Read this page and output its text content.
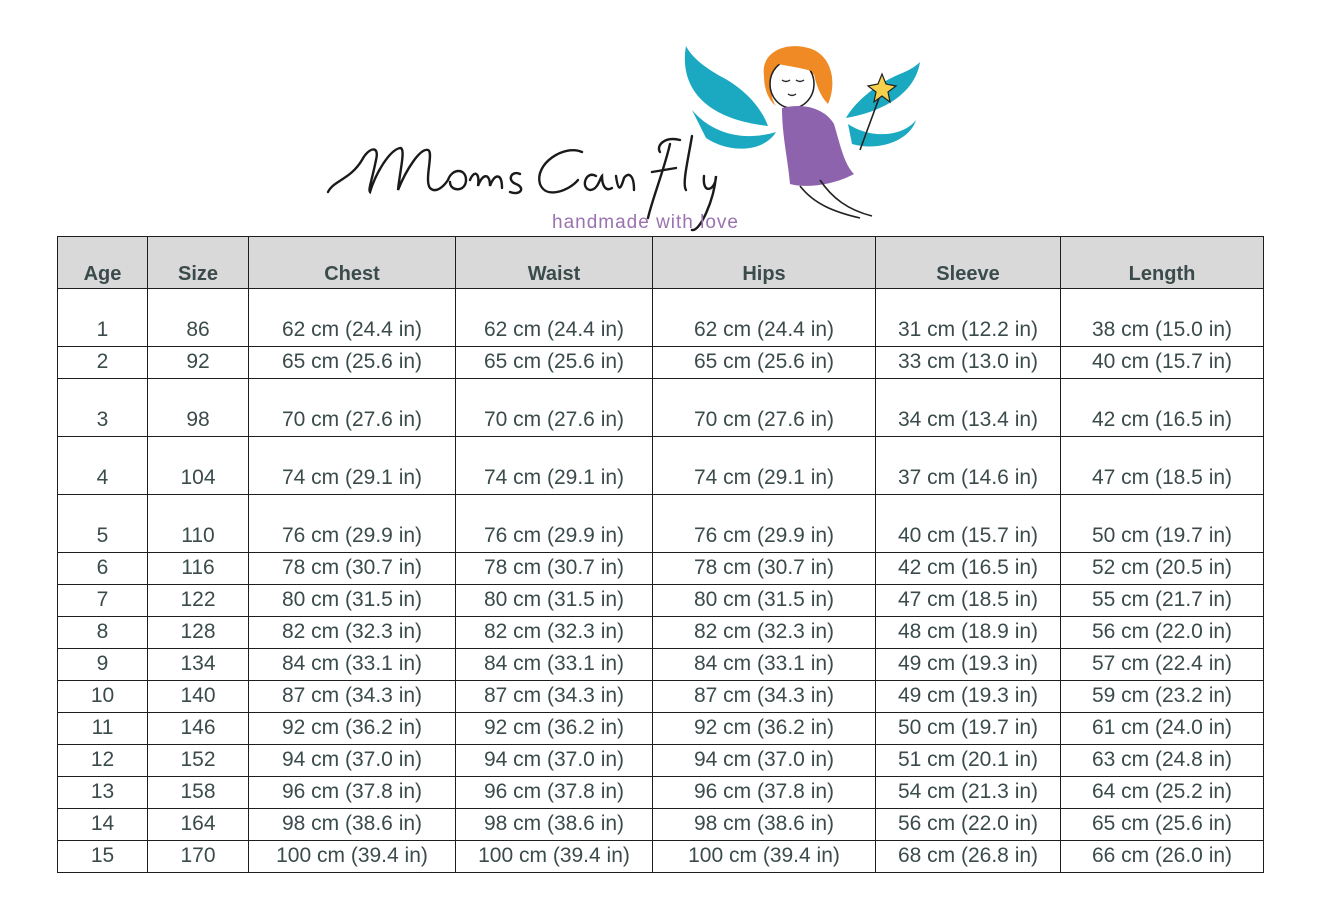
handmade with love
Age	Size	Chest	Waist	Hips	Sleeve	Length
1	86	62 cm (24.4 in)	62 cm (24.4 in)	62 cm (24.4 in)	31 cm (12.2 in)	38 cm (15.0 in)
2	92	65 cm (25.6 in)	65 cm (25.6 in)	65 cm (25.6 in)	33 cm (13.0 in)	40 cm (15.7 in)
3	98	70 cm (27.6 in)	70 cm (27.6 in)	70 cm (27.6 in)	34 cm (13.4 in)	42 cm (16.5 in)
4	104	74 cm (29.1 in)	74 cm (29.1 in)	74 cm (29.1 in)	37 cm (14.6 in)	47 cm (18.5 in)
5	110	76 cm (29.9 in)	76 cm (29.9 in)	76 cm (29.9 in)	40 cm (15.7 in)	50 cm (19.7 in)
6	116	78 cm (30.7 in)	78 cm (30.7 in)	78 cm (30.7 in)	42 cm (16.5 in)	52 cm (20.5 in)
7	122	80 cm (31.5 in)	80 cm (31.5 in)	80 cm (31.5 in)	47 cm (18.5 in)	55 cm (21.7 in)
8	128	82 cm (32.3 in)	82 cm (32.3 in)	82 cm (32.3 in)	48 cm (18.9 in)	56 cm (22.0 in)
9	134	84 cm (33.1 in)	84 cm (33.1 in)	84 cm (33.1 in)	49 cm (19.3 in)	57 cm (22.4 in)
10	140	87 cm (34.3 in)	87 cm (34.3 in)	87 cm (34.3 in)	49 cm (19.3 in)	59 cm (23.2 in)
11	146	92 cm (36.2 in)	92 cm (36.2 in)	92 cm (36.2 in)	50 cm (19.7 in)	61 cm (24.0 in)
12	152	94 cm (37.0 in)	94 cm (37.0 in)	94 cm (37.0 in)	51 cm (20.1 in)	63 cm (24.8 in)
13	158	96 cm (37.8 in)	96 cm (37.8 in)	96 cm (37.8 in)	54 cm (21.3 in)	64 cm (25.2 in)
14	164	98 cm (38.6 in)	98 cm (38.6 in)	98 cm (38.6 in)	56 cm (22.0 in)	65 cm (25.6 in)
15	170	100 cm (39.4 in)	100 cm (39.4 in)	100 cm (39.4 in)	68 cm (26.8 in)	66 cm (26.0 in)
